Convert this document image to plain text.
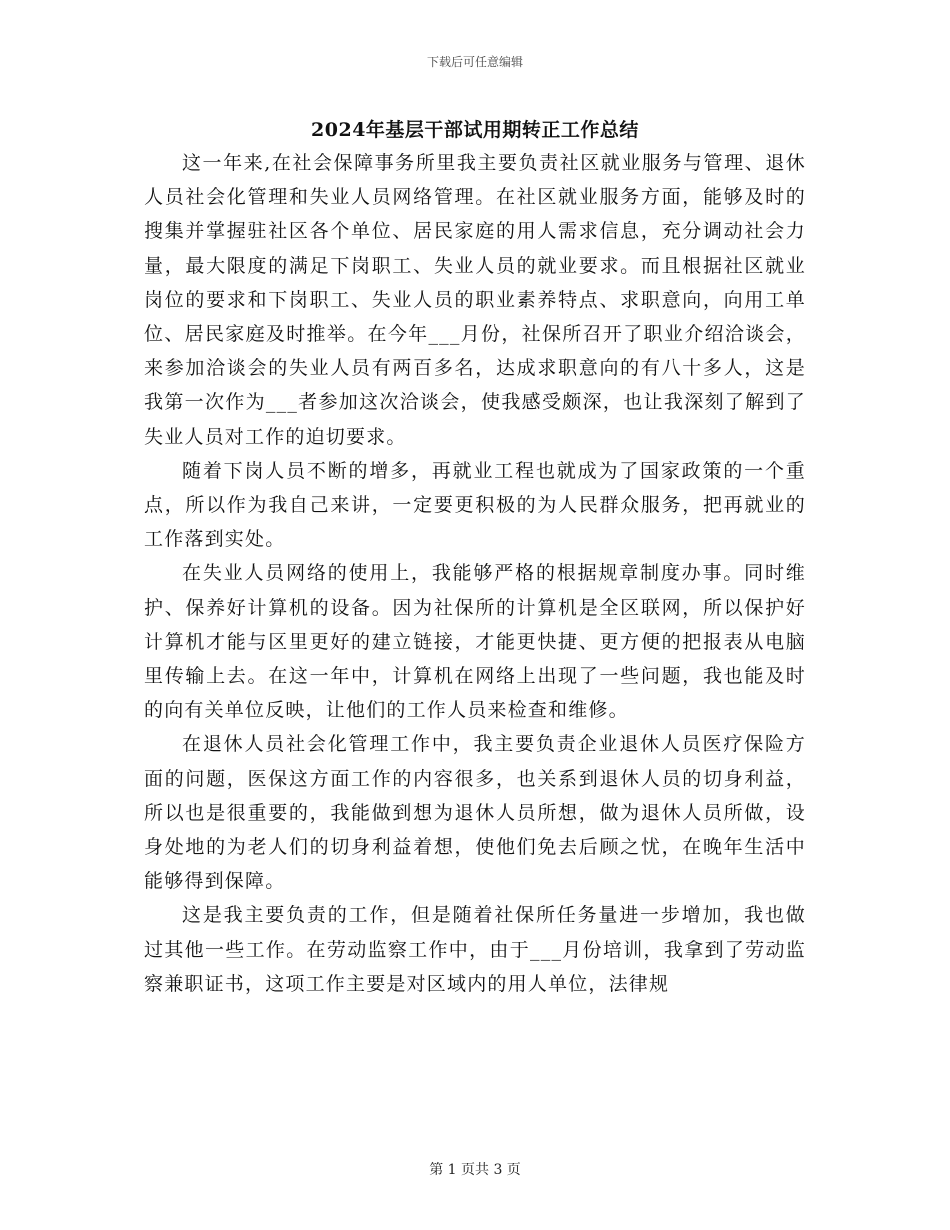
下载后可任意编辑
2024年基层干部试用期转正工作总结

这一年来,在社会保障事务所里我主要负责社区就业服务与管理、退休人员社会化管理和失业人员网络管理。在社区就业服务方面，能够及时的搜集并掌握驻社区各个单位、居民家庭的用人需求信息，充分调动社会力量，最大限度的满足下岗职工、失业人员的就业要求。而且根据社区就业岗位的要求和下岗职工、失业人员的职业素养特点、求职意向，向用工单位、居民家庭及时推举。在今年___月份，社保所召开了职业介绍洽谈会，来参加洽谈会的失业人员有两百多名，达成求职意向的有八十多人，这是我第一次作为___者参加这次洽谈会，使我感受颇深，也让我深刻了解到了失业人员对工作的迫切要求。

随着下岗人员不断的增多，再就业工程也就成为了国家政策的一个重点，所以作为我自己来讲，一定要更积极的为人民群众服务，把再就业的工作落到实处。

在失业人员网络的使用上，我能够严格的根据规章制度办事。同时维护、保养好计算机的设备。因为社保所的计算机是全区联网，所以保护好计算机才能与区里更好的建立链接，才能更快捷、更方便的把报表从电脑里传输上去。在这一年中，计算机在网络上出现了一些问题，我也能及时的向有关单位反映，让他们的工作人员来检查和维修。

在退休人员社会化管理工作中，我主要负责企业退休人员医疗保险方面的问题，医保这方面工作的内容很多，也关系到退休人员的切身利益，所以也是很重要的，我能做到想为退休人员所想，做为退休人员所做，设身处地的为老人们的切身利益着想，使他们免去后顾之忧，在晚年生活中能够得到保障。

这是我主要负责的工作，但是随着社保所任务量进一步增加，我也做过其他一些工作。在劳动监察工作中，由于___月份培训，我拿到了劳动监察兼职证书，这项工作主要是对区域内的用人单位，法律规

第 1 页共 3 页
